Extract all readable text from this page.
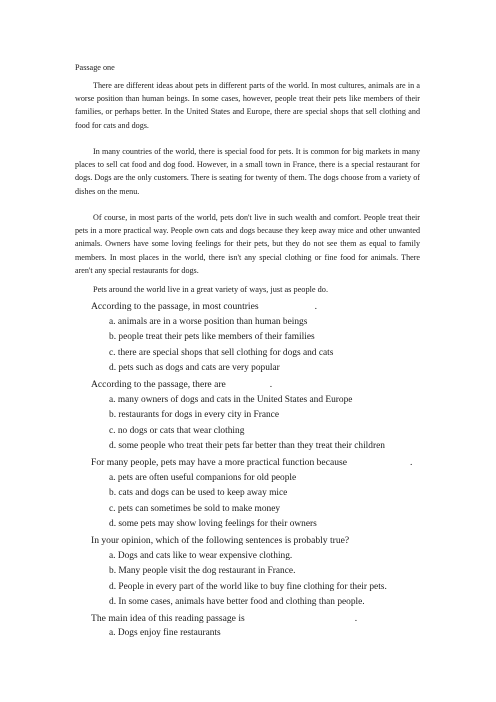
Passage one
There are different ideas about pets in different parts of the world. In most cultures, animals are in a worse position than human beings. In some cases, however, people treat their pets like members of their families, or perhaps better. In the United States and Europe, there are special shops that sell clothing and food for cats and dogs.
In many countries of the world, there is special food for pets. It is common for big markets in many places to sell cat food and dog food. However, in a small town in France, there is a special restaurant for dogs. Dogs are the only customers. There is seating for twenty of them. The dogs choose from a variety of dishes on the menu.
Of course, in most parts of the world, pets don't live in such wealth and comfort. People treat their pets in a more practical way. People own cats and dogs because they keep away mice and other unwanted animals. Owners have some loving feelings for their pets, but they do not see them as equal to family members. In most places in the world, there isn't any special clothing or fine food for animals. There aren't any special restaurants for dogs.
Pets around the world live in a great variety of ways, just as people do.
According to the passage, in most countries	.
a. animals are in a worse position than human beings
b. people treat their pets like members of their families
c. there are special shops that sell clothing for dogs and cats
d. pets such as dogs and cats are very popular
According to the passage, there are	.
a. many owners of dogs and cats in the United States and Europe
b. restaurants for dogs in every city in France
c. no dogs or cats that wear clothing
d. some people who treat their pets far better than they treat their children
For many people, pets may have a more practical function because	.
a. pets are often useful companions for old people
b. cats and dogs can be used to keep away mice
c. pets can sometimes be sold to make money
d. some pets may show loving feelings for their owners
In your opinion, which of the following sentences is probably true?
a. Dogs and cats like to wear expensive clothing.
b. Many people visit the dog restaurant in France.
d. People in every part of the world like to buy fine clothing for their pets.
d. In some cases, animals have better food and clothing than people.
The main idea of this reading passage is	.
a. Dogs enjoy fine restaurants
